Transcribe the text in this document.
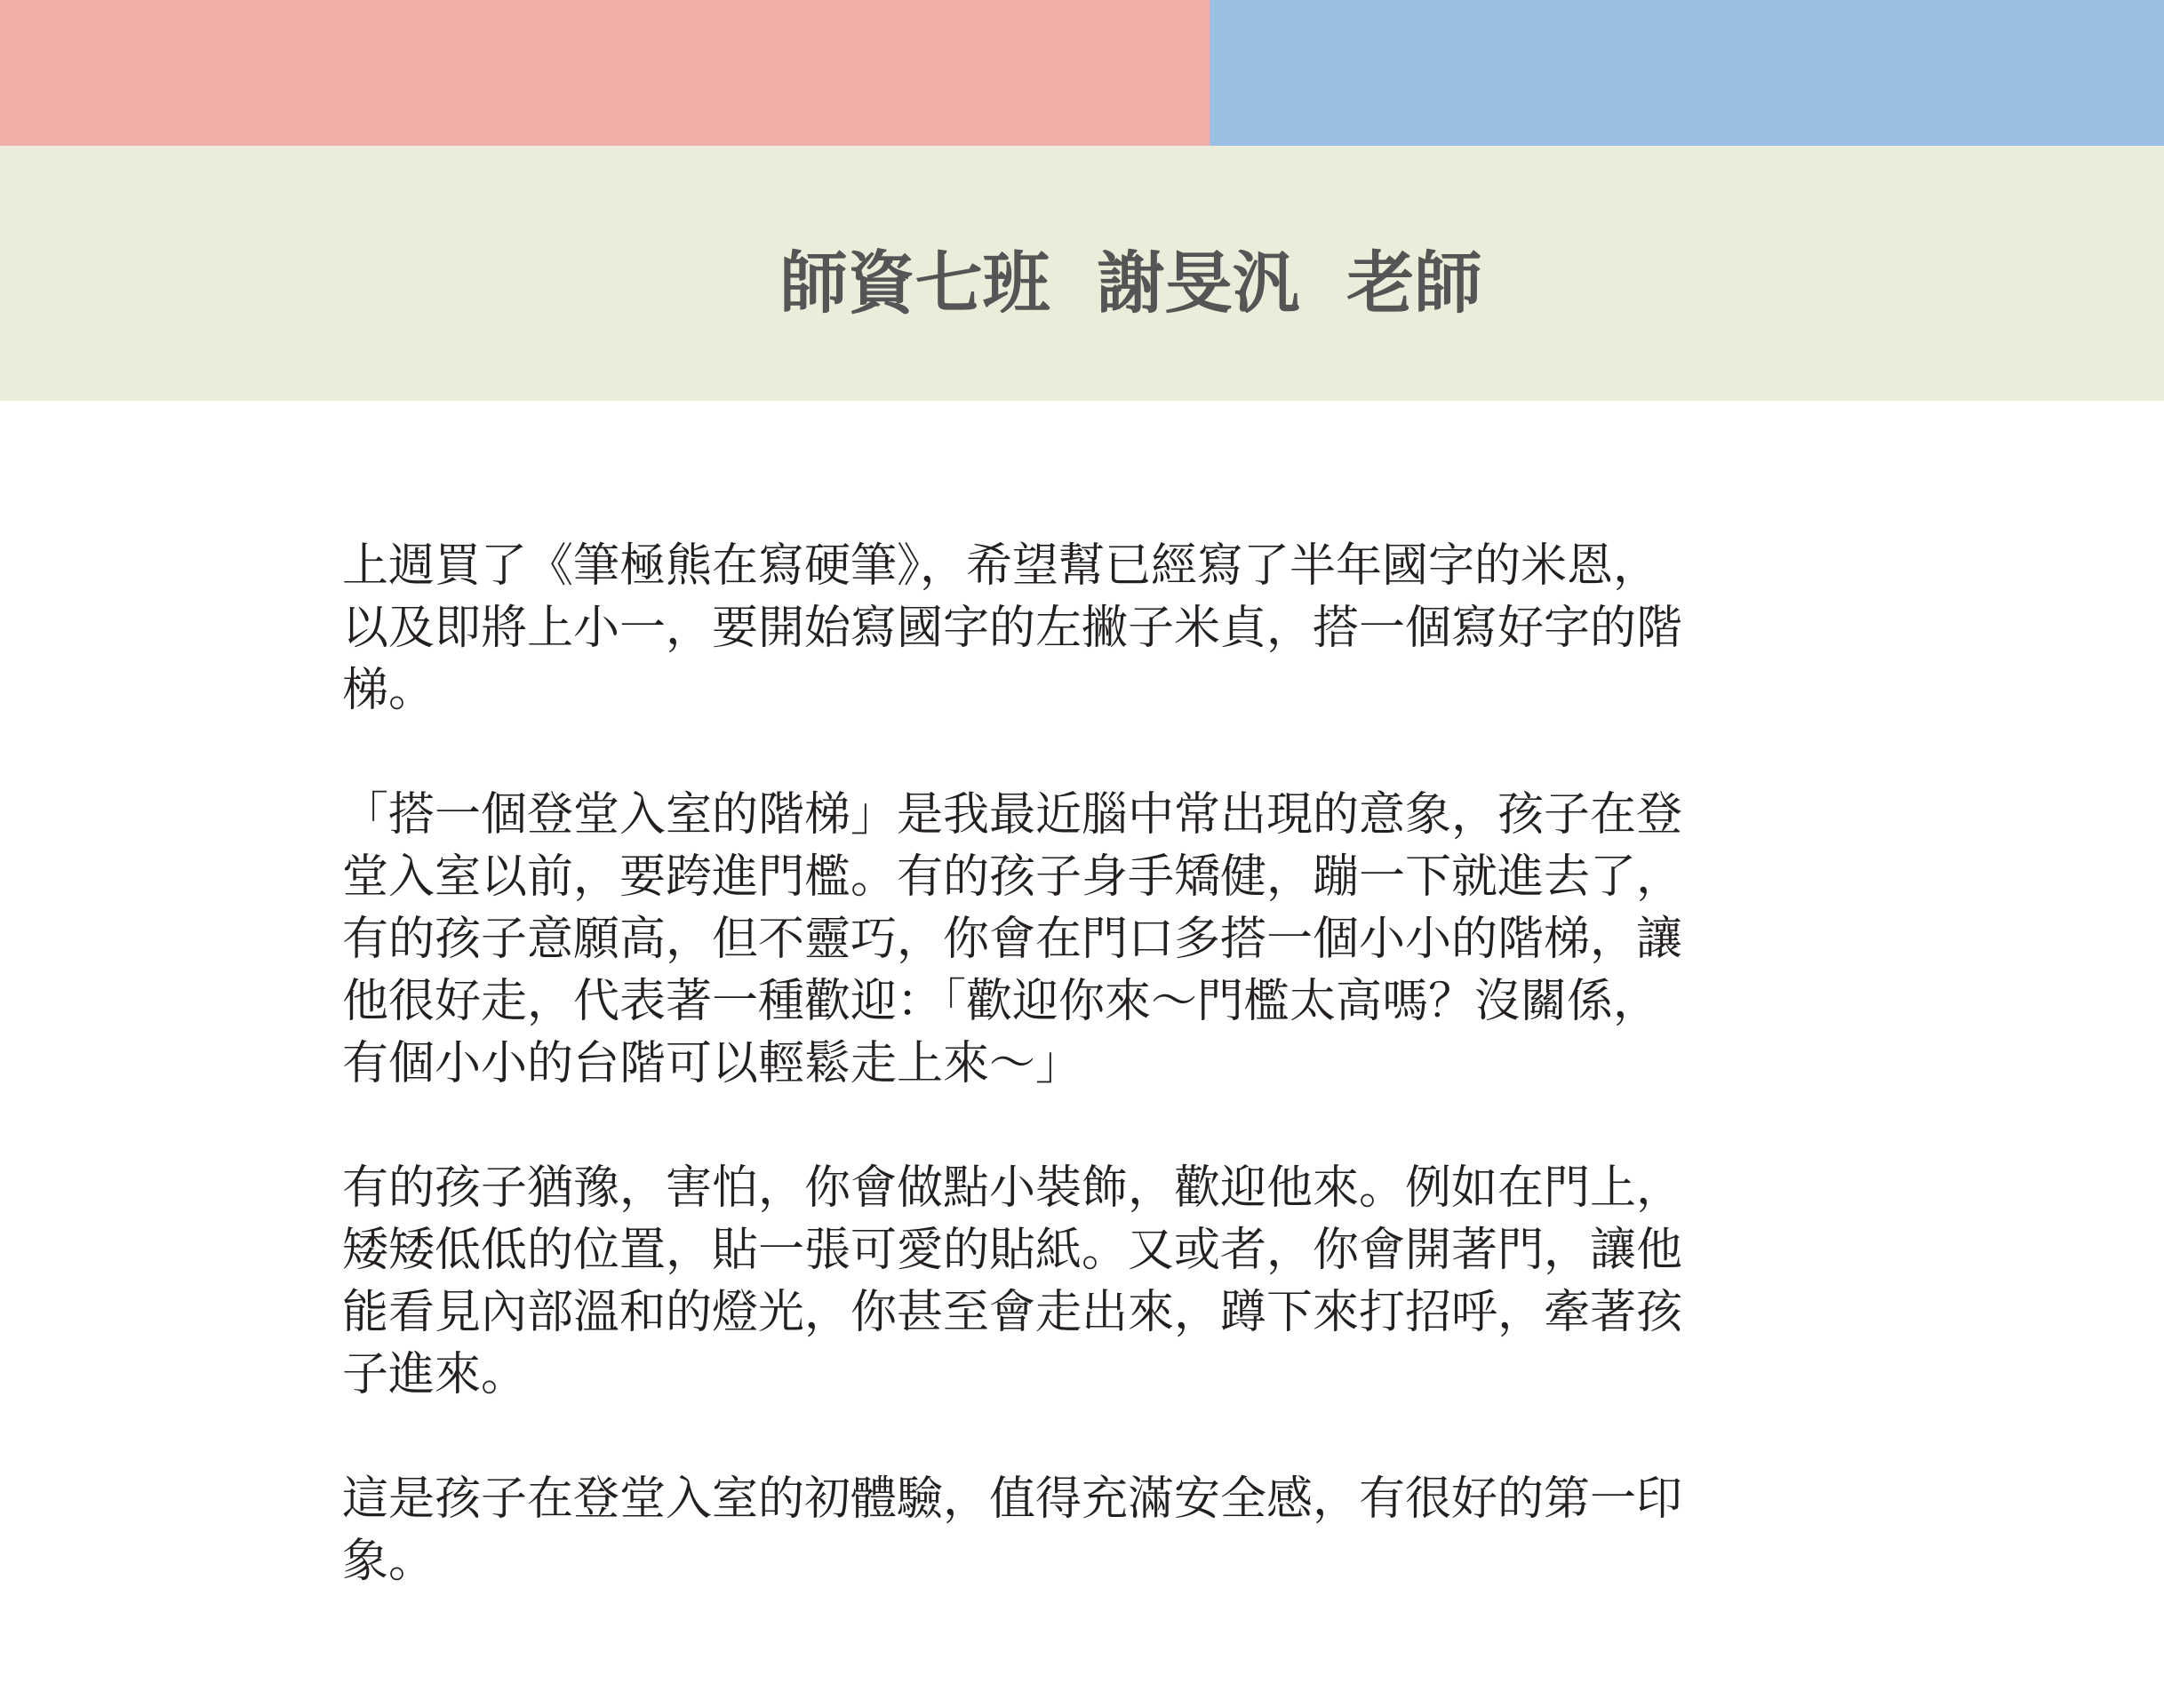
師資七班  謝旻汎  老師
上週買了《筆極熊在寫硬筆》，希望幫已經寫了半年國字的米恩，
以及即將上小一，要開始寫國字的左撇子米貞，搭一個寫好字的階
梯。
「搭一個登堂入室的階梯」是我最近腦中常出現的意象，孩子在登
堂入室以前，要跨進門檻。有的孩子身手矯健，蹦一下就進去了，
有的孩子意願高，但不靈巧，你會在門口多搭一個小小的階梯，讓
他很好走，代表著一種歡迎：「歡迎你來～門檻太高嗎？沒關係，
有個小小的台階可以輕鬆走上來～」
有的孩子猶豫，害怕，你會做點小裝飾，歡迎他來。例如在門上，
矮矮低低的位置，貼一張可愛的貼紙。又或者，你會開著門，讓他
能看見內部溫和的燈光，你甚至會走出來，蹲下來打招呼，牽著孩
子進來。
這是孩子在登堂入室的初體驗，值得充滿安全感，有很好的第一印
象。
